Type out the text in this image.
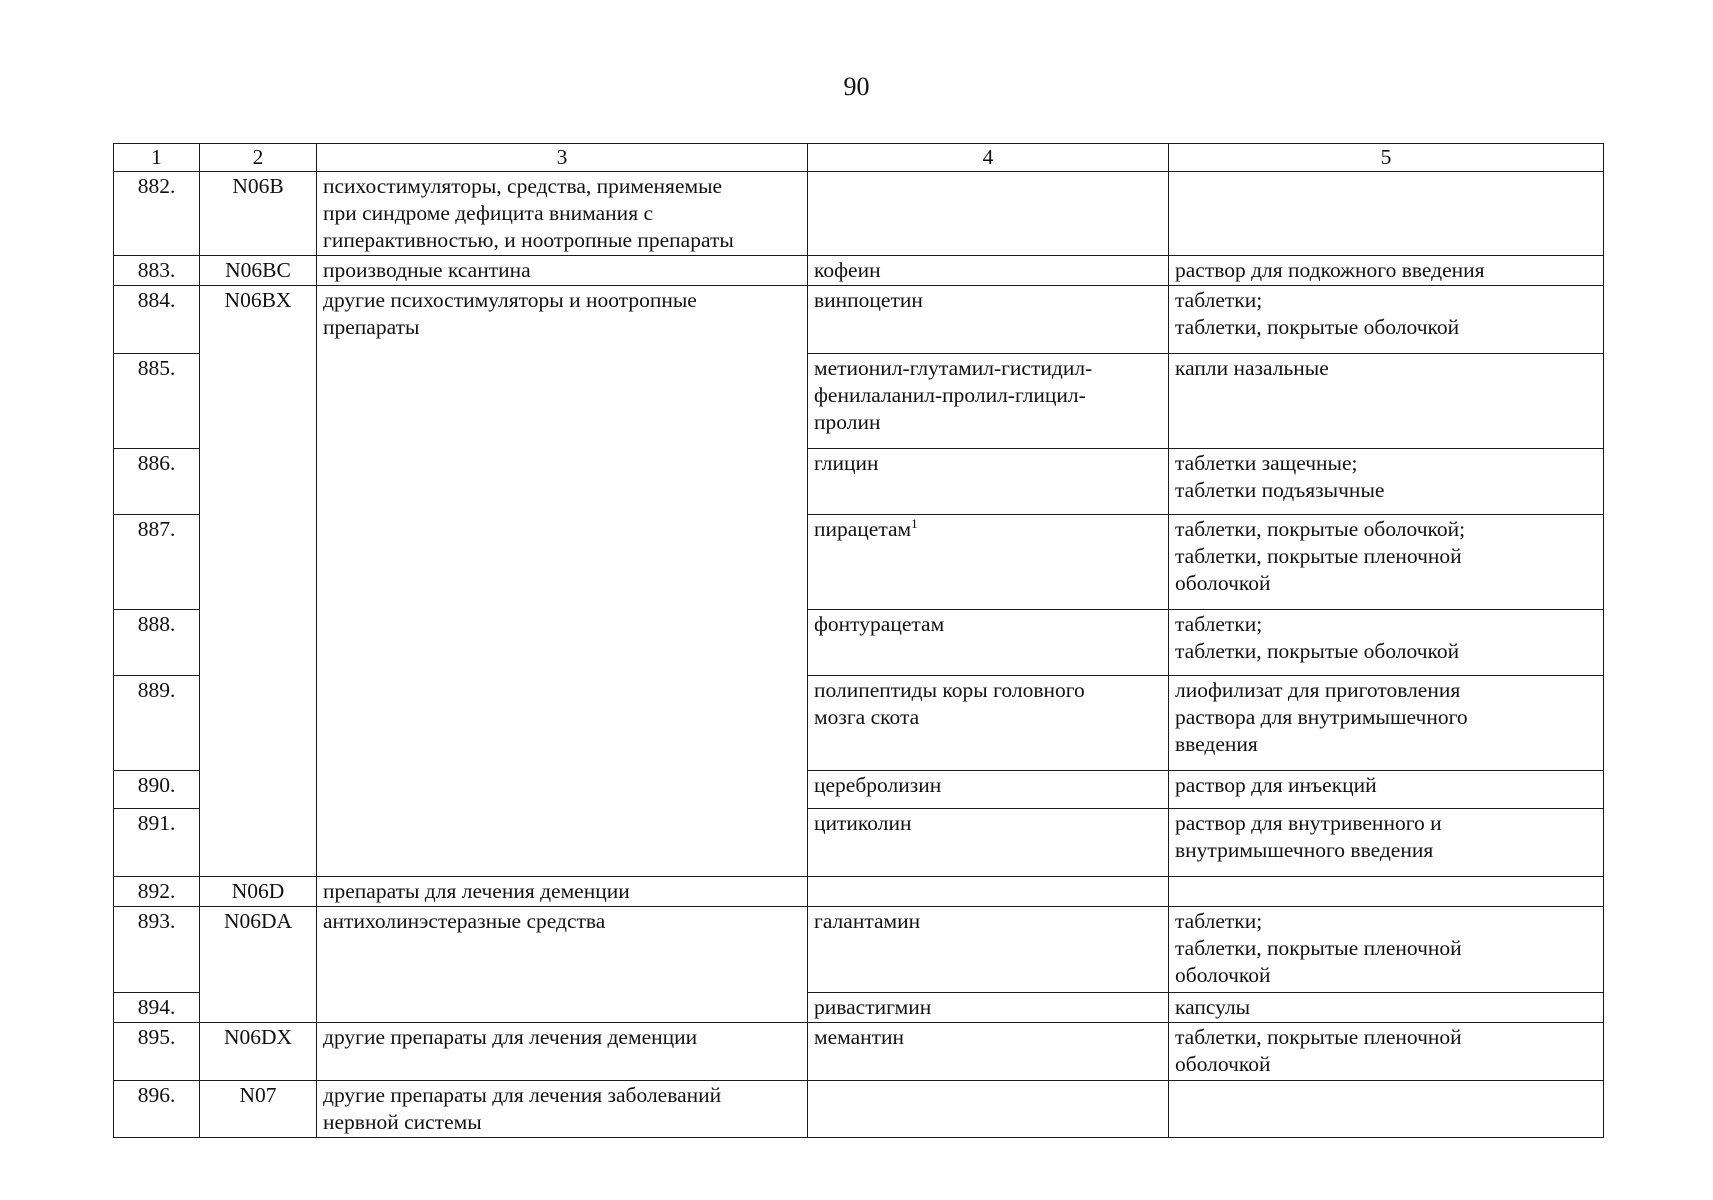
90
1	2	3	4	5
882.	N06B	психостимуляторы, средства, применяемые
при синдроме дефицита внимания с
гиперактивностью, и ноотропные препараты		
883.	N06BC	производные ксантина	кофеин	раствор для подкожного введения
884.	N06BX	другие психостимуляторы и ноотропные
препараты	винпоцетин	таблетки;
таблетки, покрытые оболочкой
885.			метионил-глутамил-гистидил-
фенилаланил-пролил-глицил-
пролин	капли назальные
886.			глицин	таблетки защечные;
таблетки подъязычные
887.			пирацетам$^1$	таблетки, покрытые оболочкой;
таблетки, покрытые пленочной
оболочкой
888.			фонтурацетам	таблетки;
таблетки, покрытые оболочкой
889.			полипептиды коры головного
мозга скота	лиофилизат для приготовления
раствора для внутримышечного
введения
890.			церебролизин	раствор для инъекций
891.			цитиколин	раствор для внутривенного и
внутримышечного введения
892.	N06D	препараты для лечения деменции		
893.	N06DA	антихолинэстеразные средства	галантамин	таблетки;
таблетки, покрытые пленочной
оболочкой
894.			ривастигмин	капсулы
895.	N06DX	другие препараты для лечения деменции	мемантин	таблетки, покрытые пленочной
оболочкой
896.	N07	другие препараты для лечения заболеваний
нервной системы		
